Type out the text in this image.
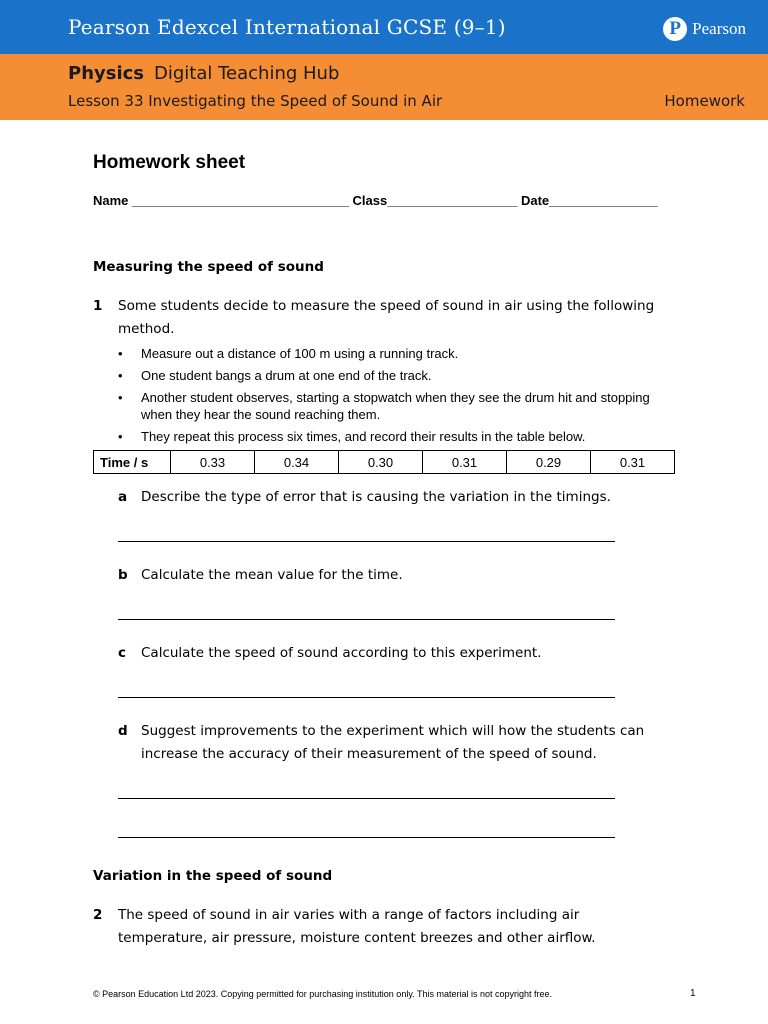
Pearson Edexcel International GCSE (9–1)	P Pearson
Physics Digital Teaching Hub
Lesson 33 Investigating the Speed of Sound in Air	Homework
Homework sheet
Name ______________________________ Class__________________ Date_______________
Measuring the speed of sound
1	Some students decide to measure the speed of sound in air using the following method.
• Measure out a distance of 100 m using a running track.
• One student bangs a drum at one end of the track.
• Another student observes, starting a stopwatch when they see the drum hit and stopping when they hear the sound reaching them.
• They repeat this process six times, and record their results in the table below.
Time / s	0.33	0.34	0.30	0.31	0.29	0.31
a	Describe the type of error that is causing the variation in the timings.
b Calculate the mean value for the time.
c	Calculate the speed of sound according to this experiment.
d Suggest improvements to the experiment which will how the students can increase the accuracy of their measurement of the speed of sound.
Variation in the speed of sound
2	The speed of sound in air varies with a range of factors including air temperature, air pressure, moisture content breezes and other airflow.
© Pearson Education Ltd 2023. Copying permitted for purchasing institution only. This material is not copyright free.	1
